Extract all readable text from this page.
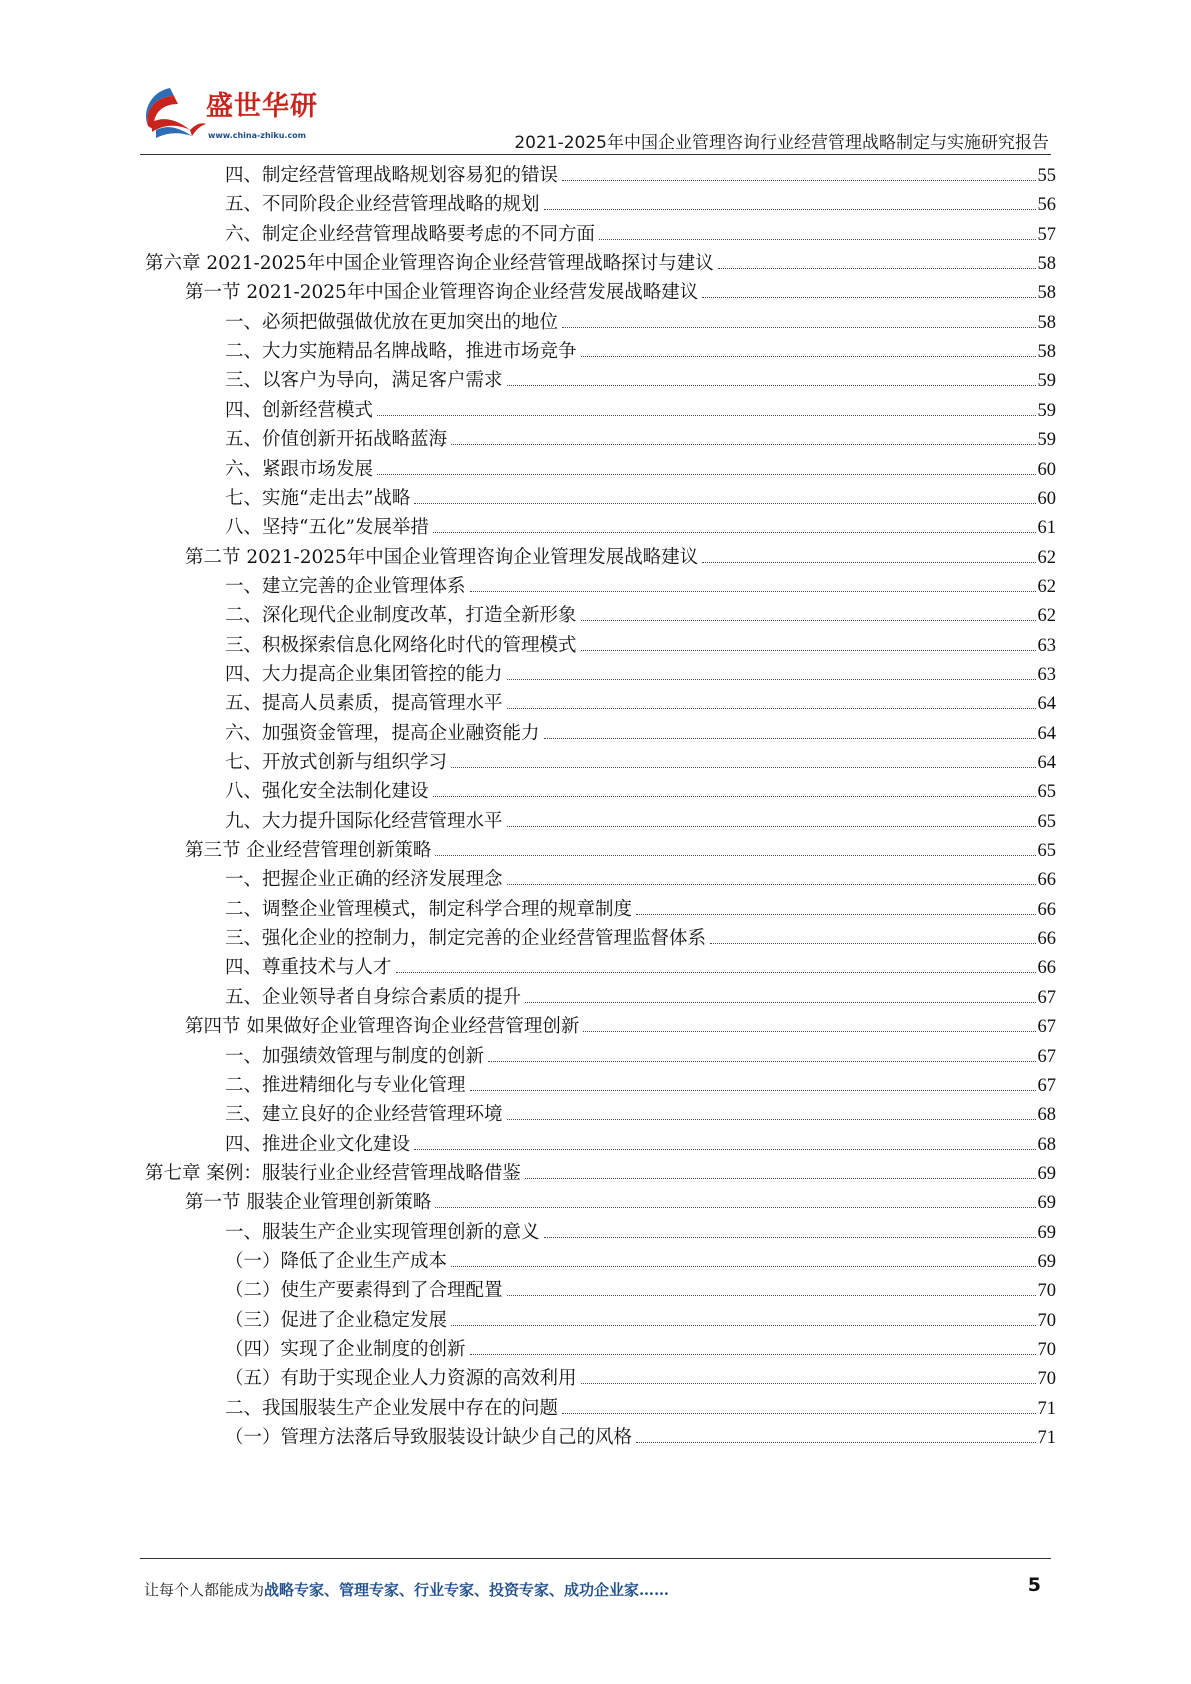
盛世华研
www.china-zhiku.com	2021-2025年中国企业管理咨询行业经营管理战略制定与实施研究报告
四、制定经营管理战略规划容易犯的错误	55
五、不同阶段企业经营管理战略的规划	56
六、制定企业经营管理战略要考虑的不同方面	57
第六章 2021-2025年中国企业管理咨询企业经营管理战略探讨与建议	58
第一节 2021-2025年中国企业管理咨询企业经营发展战略建议	58
一、必须把做强做优放在更加突出的地位	58
二、大力实施精品名牌战略，推进市场竞争	58
三、以客户为导向，满足客户需求	59
四、创新经营模式	59
五、价值创新开拓战略蓝海	59
六、紧跟市场发展	60
七、实施“走出去”战略	60
八、坚持“五化”发展举措	61
第二节 2021-2025年中国企业管理咨询企业管理发展战略建议	62
一、建立完善的企业管理体系	62
二、深化现代企业制度改革，打造全新形象	62
三、积极探索信息化网络化时代的管理模式	63
四、大力提高企业集团管控的能力	63
五、提高人员素质，提高管理水平	64
六、加强资金管理，提高企业融资能力	64
七、开放式创新与组织学习	64
八、强化安全法制化建设	65
九、大力提升国际化经营管理水平	65
第三节 企业经营管理创新策略	65
一、把握企业正确的经济发展理念	66
二、调整企业管理模式，制定科学合理的规章制度	66
三、强化企业的控制力，制定完善的企业经营管理监督体系	66
四、尊重技术与人才	66
五、企业领导者自身综合素质的提升	67
第四节 如果做好企业管理咨询企业经营管理创新	67
一、加强绩效管理与制度的创新	67
二、推进精细化与专业化管理	67
三、建立良好的企业经营管理环境	68
四、推进企业文化建设	68
第七章 案例：服装行业企业经营管理战略借鉴	69
第一节 服装企业管理创新策略	69
一、服装生产企业实现管理创新的意义	69
（一）降低了企业生产成本	69
（二）使生产要素得到了合理配置	70
（三）促进了企业稳定发展	70
（四）实现了企业制度的创新	70
（五）有助于实现企业人力资源的高效利用	70
二、我国服装生产企业发展中存在的问题	71
（一）管理方法落后导致服装设计缺少自己的风格	71
让每个人都能成为战略专家、管理专家、行业专家、投资专家、成功企业家……	5
